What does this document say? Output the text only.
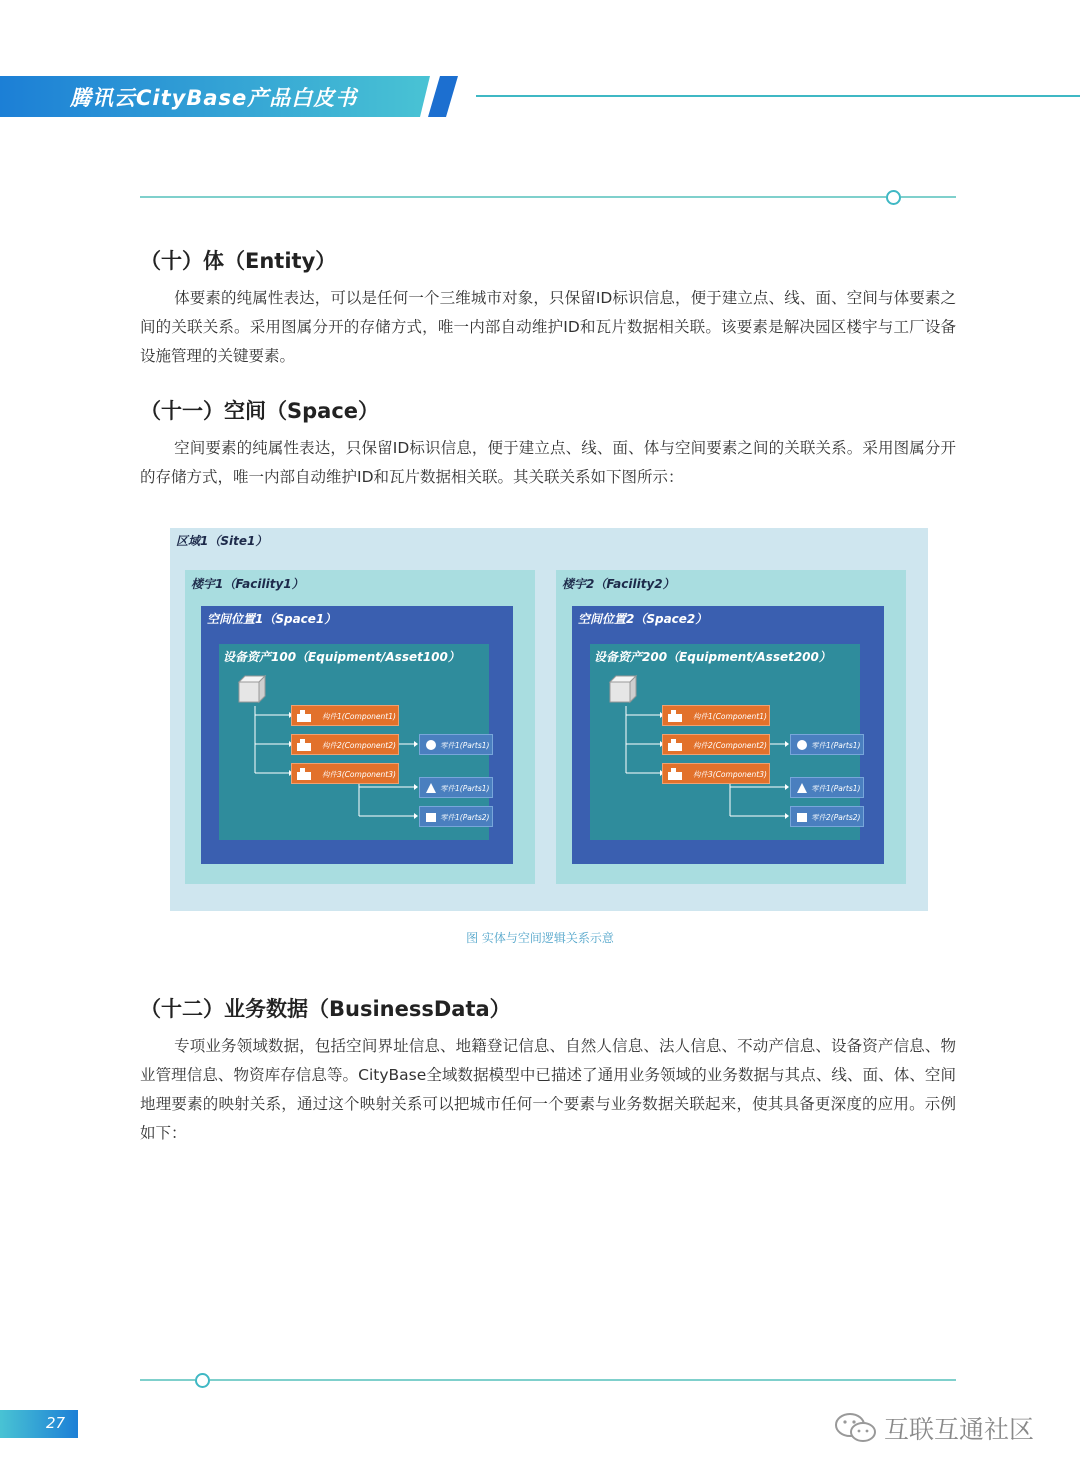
腾讯云CityBase产品白皮书
（十）体（Entity）

体要素的纯属性表达，可以是任何一个三维城市对象，只保留ID标识信息，便于建立点、线、面、空间与体要素之间的关联关系。采用图属分开的存储方式，唯一内部自动维护ID和瓦片数据相关联。该要素是解决园区楼宇与工厂设备设施管理的关键要素。

（十一）空间（Space）

空间要素的纯属性表达，只保留ID标识信息，便于建立点、线、面、体与空间要素之间的关联关系。采用图属分开的存储方式，唯一内部自动维护ID和瓦片数据相关联。其关联关系如下图所示：

区域1（Site1）
楼宇1（Facility1）
空间位置1（Space1）
设备资产100（Equipment/Asset100）
构件1(Component1)
构件2(Component2)
构件3(Component3)
零件1(Parts1)
零件1(Parts1)
零件1(Parts2)
楼宇2（Facility2）
空间位置2（Space2）
设备资产200（Equipment/Asset200）
构件1(Component1)
构件2(Component2)
构件3(Component3)
零件1(Parts1)
零件1(Parts1)
零件2(Parts2)
图 实体与空间逻辑关系示意
（十二）业务数据（BusinessData）

专项业务领域数据，包括空间界址信息、地籍登记信息、自然人信息、法人信息、不动产信息、设备资产信息、物业管理信息、物资库存信息等。CityBase全域数据模型中已描述了通用业务领域的业务数据与其点、线、面、体、空间地理要素的映射关系，通过这个映射关系可以把城市任何一个要素与业务数据关联起来，使其具备更深度的应用。示例如下：

27	互联互通社区
